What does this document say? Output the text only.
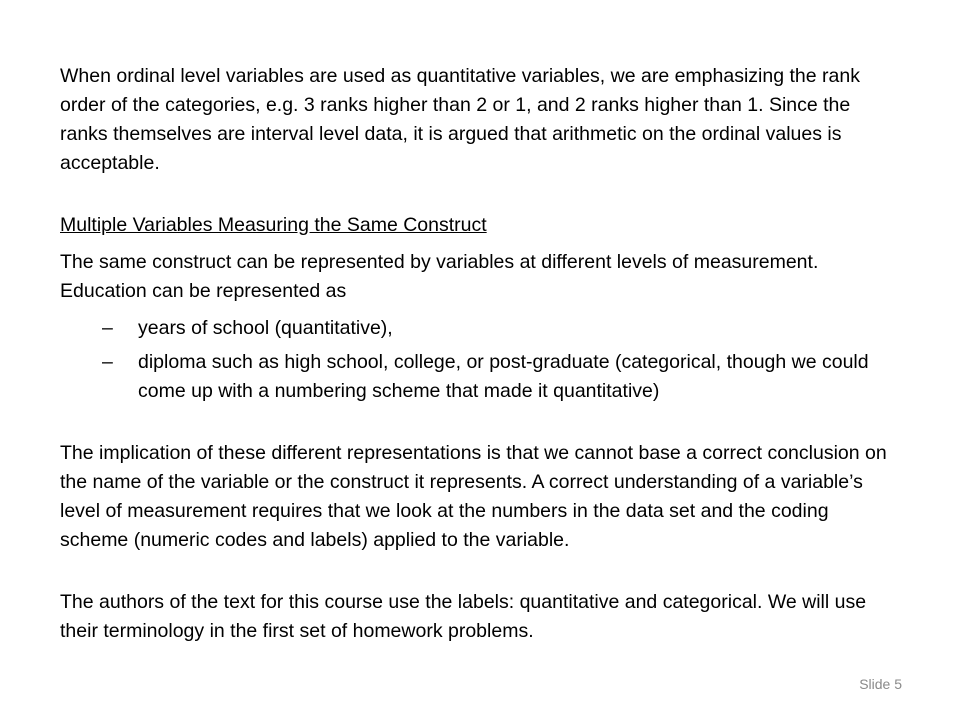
When ordinal level variables are used as quantitative variables, we are emphasizing the rank order of the categories, e.g. 3 ranks higher than 2 or 1, and 2 ranks higher than 1. Since the ranks themselves are interval level data, it is argued that arithmetic on the ordinal values is acceptable.

Multiple Variables Measuring the Same Construct

The same construct can be represented by variables at different levels of measurement. Education can be represented as

– years of school (quantitative),
– diploma such as high school, college, or post-graduate (categorical, though we could come up with a numbering scheme that made it quantitative)

The implication of these different representations is that we cannot base a correct conclusion on the name of the variable or the construct it represents. A correct understanding of a variable’s level of measurement requires that we look at the numbers in the data set and the coding scheme (numeric codes and labels) applied to the variable.

The authors of the text for this course use the labels: quantitative and categorical. We will use their terminology in the first set of homework problems.

Slide 5
